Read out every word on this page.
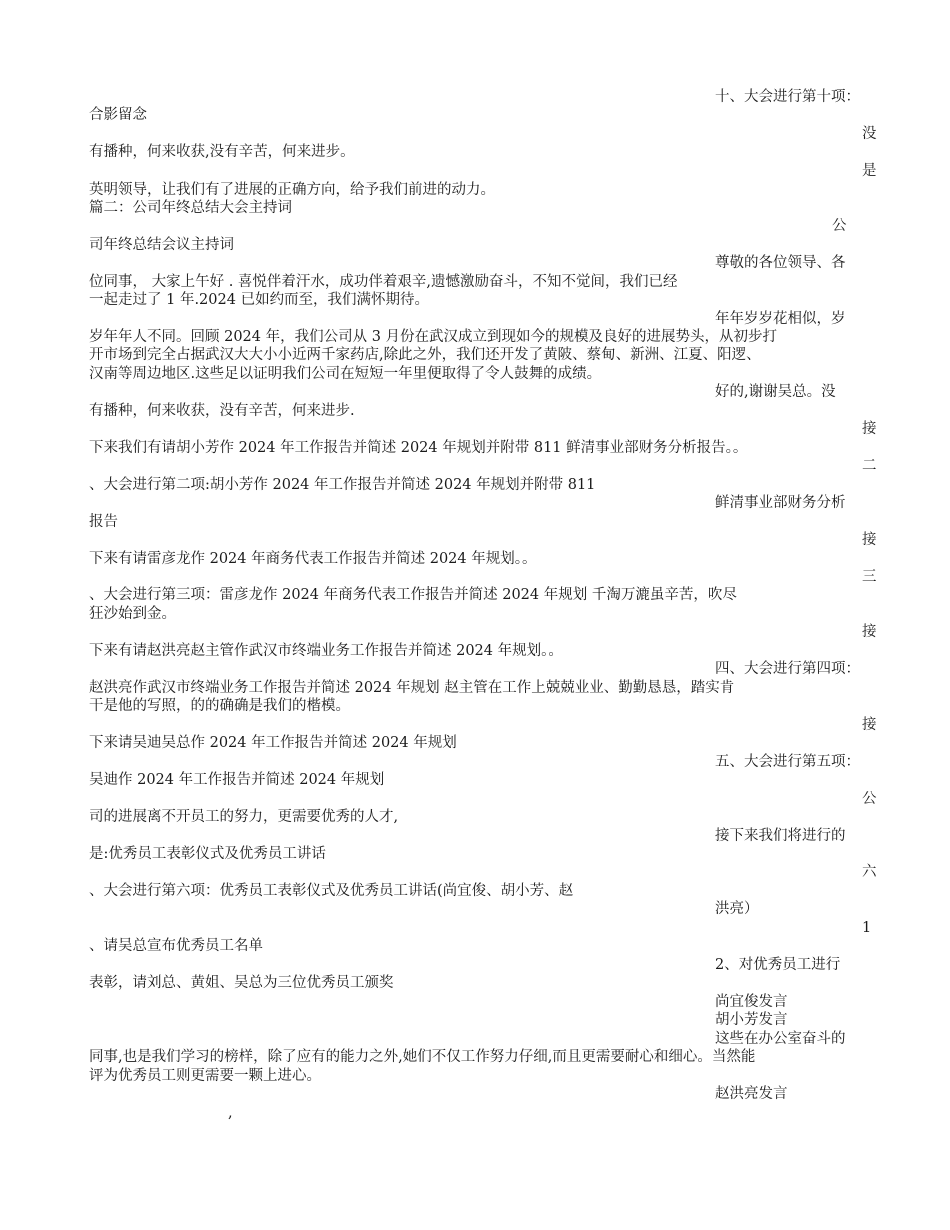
十、大会进行第十项：

合影留念

没

有播种，何来收获,没有辛苦，何来进步。

是

英明领导，让我们有了进展的正确方向，给予我们前进的动力。

篇二：公司年终总结大会主持词

公

司年终总结会议主持词

尊敬的各位领导、各

位同事， 大家上午好 . 喜悦伴着汗水，成功伴着艰辛,遗憾激励奋斗，不知不觉间，我们已经

一起走过了 1 年.2024 已如约而至，我们满怀期待。

年年岁岁花相似，岁

岁年年人不同。回顾 2024 年，我们公司从 3 月份在武汉成立到现如今的规模及良好的进展势头，从初步打

开市场到完全占据武汉大大小小近两千家药店,除此之外，我们还开发了黄陂、蔡甸、新洲、江夏、阳逻、

汉南等周边地区.这些足以证明我们公司在短短一年里便取得了令人鼓舞的成绩。

好的,谢谢吴总。没

有播种，何来收获，没有辛苦，何来进步.

接

下来我们有请胡小芳作 2024 年工作报告并简述 2024 年规划并附带 811 鲜清事业部财务分析报告。。

二

、大会进行第二项:胡小芳作 2024 年工作报告并简述 2024 年规划并附带 811

鲜清事业部财务分析

报告

接

下来有请雷彦龙作 2024 年商务代表工作报告并简述 2024 年规划。。

三

、大会进行第三项：雷彦龙作 2024 年商务代表工作报告并简述 2024 年规划 千淘万漉虽辛苦，吹尽

狂沙始到金。

接

下来有请赵洪亮赵主管作武汉市终端业务工作报告并简述 2024 年规划。。

四、大会进行第四项：

赵洪亮作武汉市终端业务工作报告并简述 2024 年规划 赵主管在工作上兢兢业业、勤勤恳恳，踏实肯

干是他的写照，的的确确是我们的楷模。

接

下来请吴迪吴总作 2024 年工作报告并简述 2024 年规划

五、大会进行第五项：

吴迪作 2024 年工作报告并简述 2024 年规划

公

司的进展离不开员工的努力，更需要优秀的人才,

接下来我们将进行的

是:优秀员工表彰仪式及优秀员工讲话

六

、大会进行第六项：优秀员工表彰仪式及优秀员工讲话(尚宜俊、胡小芳、赵

洪亮）

1

、请吴总宣布优秀员工名单

2、对优秀员工进行

表彰，请刘总、黄姐、吴总为三位优秀员工颁奖

尚宜俊发言

胡小芳发言

这些在办公室奋斗的

同事,也是我们学习的榜样，除了应有的能力之外,她们不仅工作努力仔细,而且更需要耐心和细心。当然能

评为优秀员工则更需要一颗上进心。

赵洪亮发言

,
